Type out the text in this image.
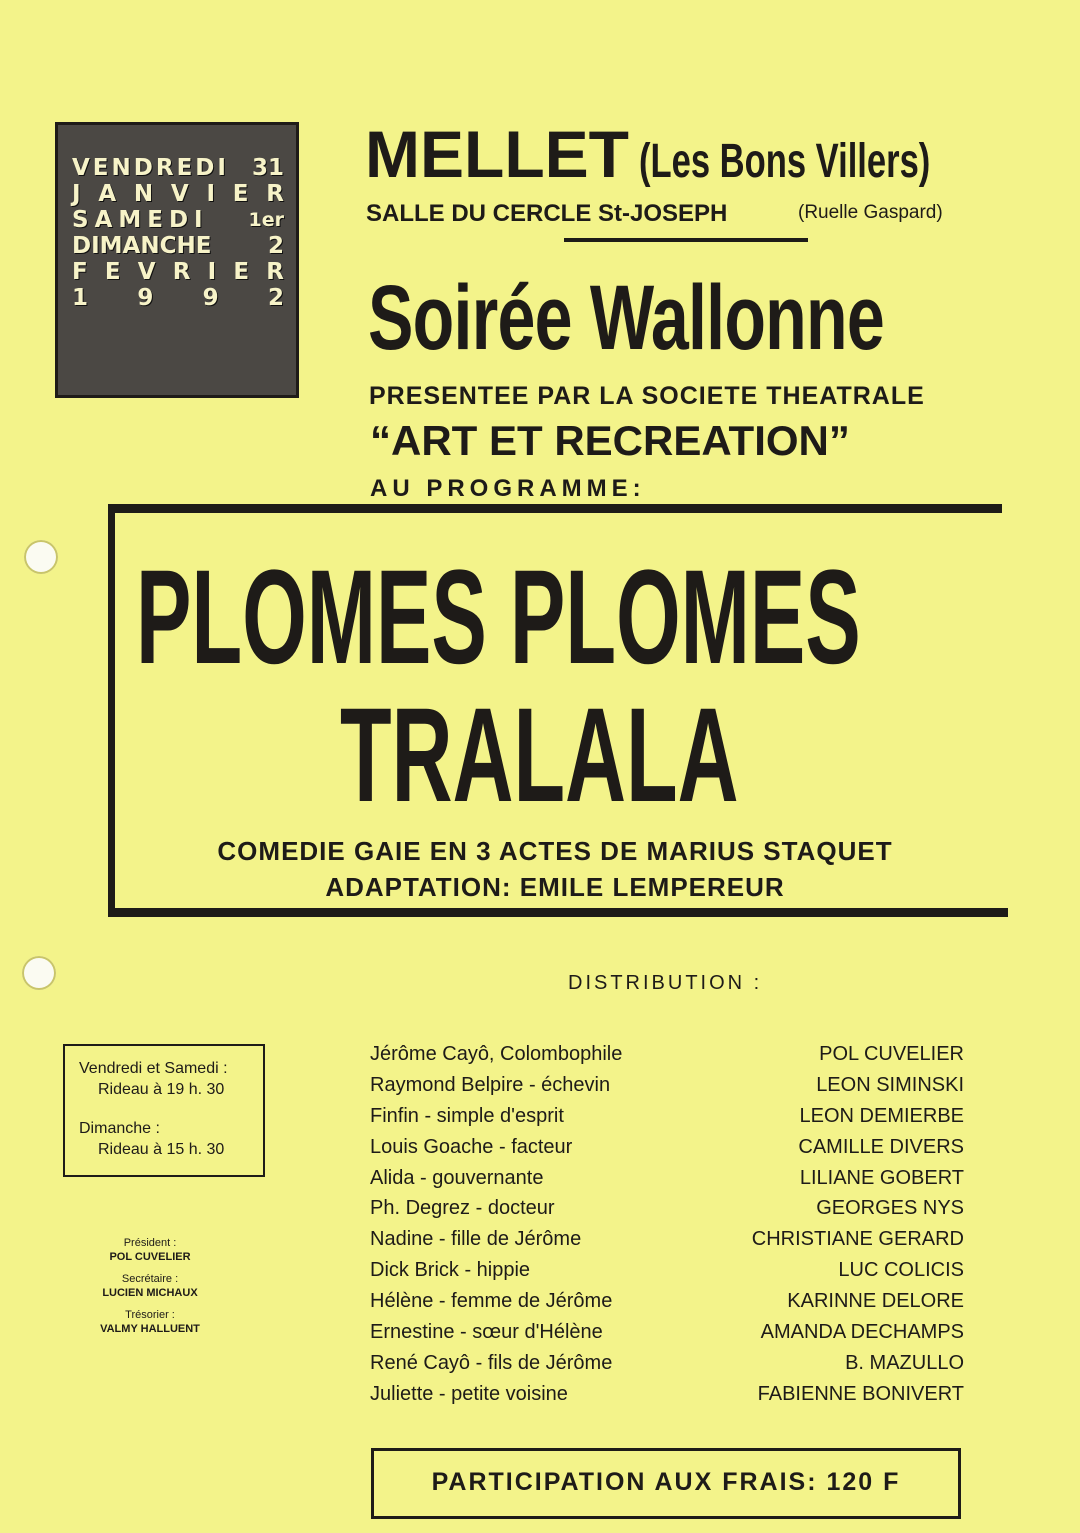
VENDREDI 31
J A N V I E R
SAMEDI 1er
DIMANCHE 2
F E V R I E R
1 9 9 2
MELLET (Les Bons Villers)
SALLE DU CERCLE St-JOSEPH	(Ruelle Gaspard)
Soirée Wallonne
PRESENTEE PAR LA SOCIETE THEATRALE
“ART ET RECREATION”
AU PROGRAMME:
PLOMES PLOMES
TRALALA
COMEDIE GAIE EN 3 ACTES DE MARIUS STAQUET
ADAPTATION: EMILE LEMPEREUR
DISTRIBUTION :
Vendredi et Samedi :
Rideau à 19 h. 30
Dimanche :
Rideau à 15 h. 30
Président :
POL CUVELIER
Secrétaire :
LUCIEN MICHAUX
Trésorier :
VALMY HALLUENT
Jérôme Cayô, Colombophile	POL CUVELIER
Raymond Belpire - échevin	LEON SIMINSKI
Finfin - simple d'esprit	LEON DEMIERBE
Louis Goache - facteur	CAMILLE DIVERS
Alida - gouvernante	LILIANE GOBERT
Ph. Degrez - docteur	GEORGES NYS
Nadine - fille de Jérôme	CHRISTIANE GERARD
Dick Brick - hippie	LUC COLICIS
Hélène - femme de Jérôme	KARINNE DELORE
Ernestine - sœur d'Hélène	AMANDA DECHAMPS
René Cayô - fils de Jérôme	B. MAZULLO
Juliette - petite voisine	FABIENNE BONIVERT
PARTICIPATION AUX FRAIS: 120 F
